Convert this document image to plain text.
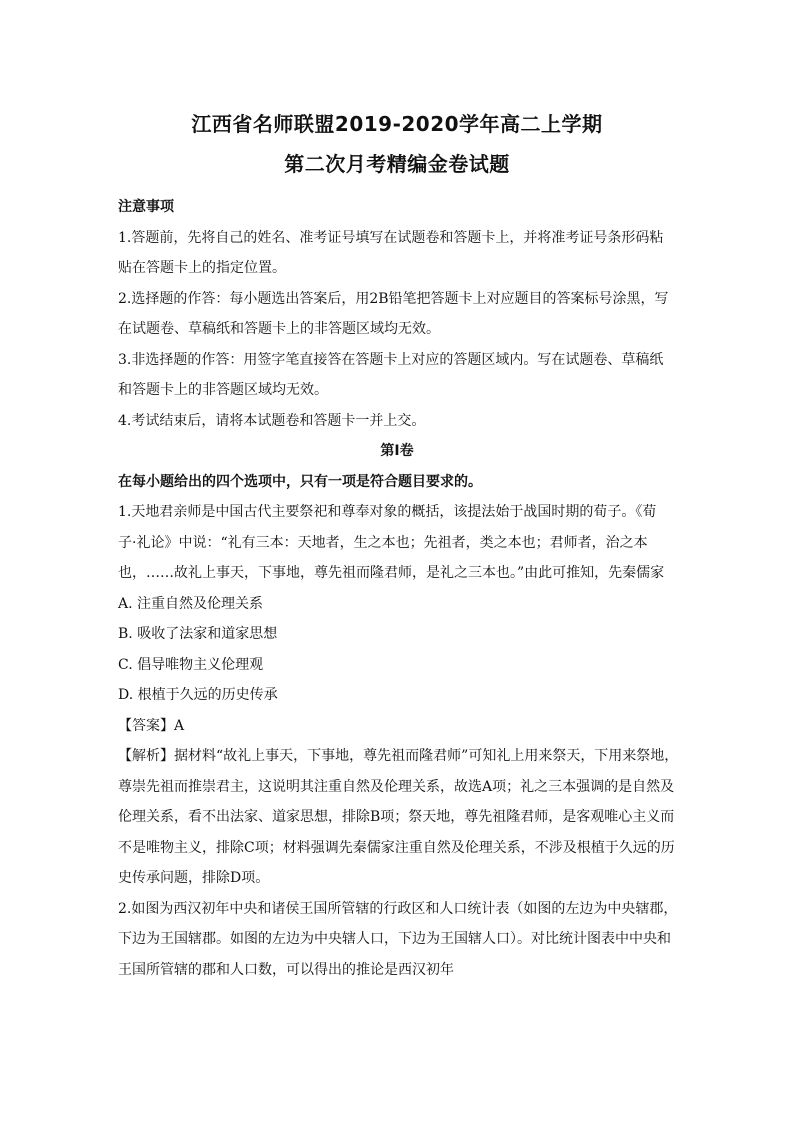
江西省名师联盟2019-2020学年高二上学期
第二次月考精编金卷试题

注意事项

1.答题前，先将自己的姓名、准考证号填写在试题卷和答题卡上，并将准考证号条形码粘

贴在答题卡上的指定位置。

2.选择题的作答：每小题选出答案后，用2B铅笔把答题卡上对应题目的答案标号涂黑，写

在试题卷、草稿纸和答题卡上的非答题区域均无效。

3.非选择题的作答：用签字笔直接答在答题卡上对应的答题区域内。写在试题卷、草稿纸

和答题卡上的非答题区域均无效。

4.考试结束后，请将本试题卷和答题卡一并上交。

第Ⅰ卷

在每小题给出的四个选项中，只有一项是符合题目要求的。

1.天地君亲师是中国古代主要祭祀和尊奉对象的概括，该提法始于战国时期的荀子。《荀

子·礼论》中说：“礼有三本：天地者，生之本也；先祖者，类之本也；君师者，治之本

也，……故礼上事天，下事地，尊先祖而隆君师，是礼之三本也。”由此可推知，先秦儒家

A. 注重自然及伦理关系

B. 吸收了法家和道家思想

C. 倡导唯物主义伦理观

D. 根植于久远的历史传承

【答案】A

【解析】据材料“故礼上事天，下事地，尊先祖而隆君师”可知礼上用来祭天，下用来祭地，

尊崇先祖而推崇君主，这说明其注重自然及伦理关系，故选A项；礼之三本强调的是自然及

伦理关系，看不出法家、道家思想，排除B项；祭天地，尊先祖隆君师，是客观唯心主义而

不是唯物主义，排除C项；材料强调先秦儒家注重自然及伦理关系，不涉及根植于久远的历

史传承问题，排除D项。

2.如图为西汉初年中央和诸侯王国所管辖的行政区和人口统计表（如图的左边为中央辖郡，

下边为王国辖郡。如图的左边为中央辖人口，下边为王国辖人口）。对比统计图表中中央和

王国所管辖的郡和人口数，可以得出的推论是西汉初年
